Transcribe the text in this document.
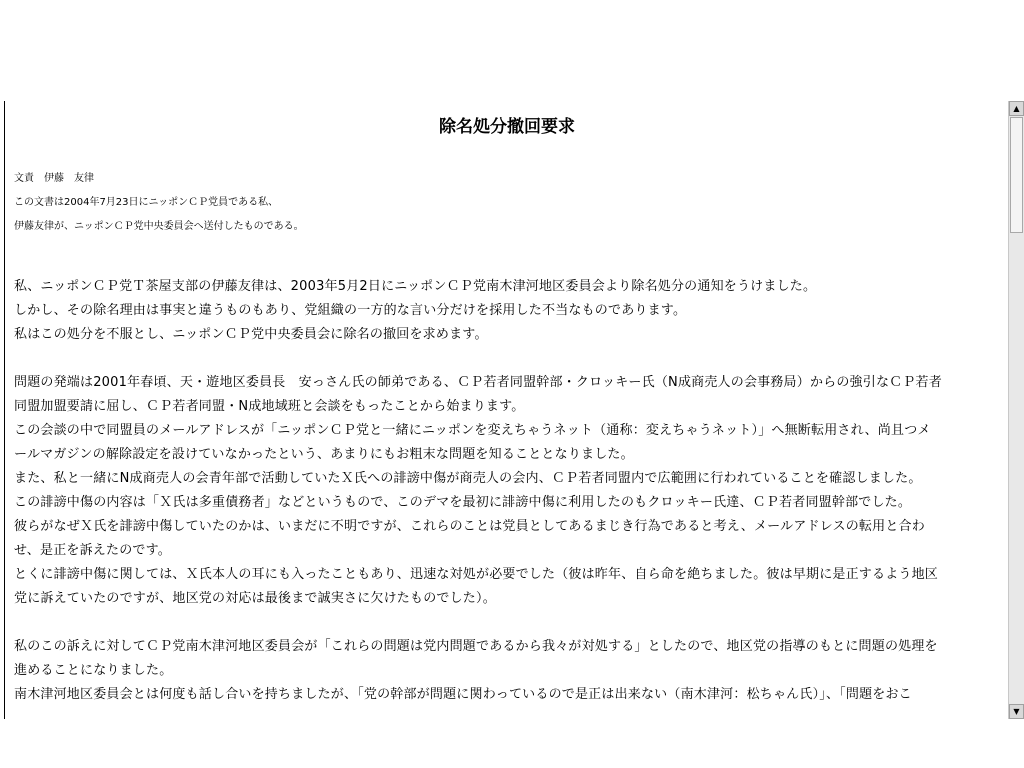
除名処分撤回要求

文責　伊藤　友律

この文書は2004年7月23日にニッポンＣＰ党員である私、

伊藤友律が、ニッポンＣＰ党中央委員会へ送付したものである。

私、ニッポンＣＰ党Ｔ茶屋支部の伊藤友律は、2003年5月2日にニッポンＣＰ党南木津河地区委員会より除名処分の通知をうけました。

しかし、その除名理由は事実と違うものもあり、党組織の一方的な言い分だけを採用した不当なものであります。

私はこの処分を不服とし、ニッポンＣＰ党中央委員会に除名の撤回を求めます。

問題の発端は2001年春頃、天・遊地区委員長　安っさん氏の師弟である、ＣＰ若者同盟幹部・クロッキー氏（N成商売人の会事務局）からの強引なＣＰ若者

同盟加盟要請に屈し、ＣＰ若者同盟・N成地域班と会談をもったことから始まります。

この会談の中で同盟員のメールアドレスが「ニッポンＣＰ党と一緒にニッポンを変えちゃうネット（通称：変えちゃうネット）」へ無断転用され、尚且つメ

ールマガジンの解除設定を設けていなかったという、あまりにもお粗末な問題を知ることとなりました。

また、私と一緒にN成商売人の会青年部で活動していたＸ氏への誹謗中傷が商売人の会内、ＣＰ若者同盟内で広範囲に行われていることを確認しました。

この誹謗中傷の内容は「Ｘ氏は多重債務者」などというもので、このデマを最初に誹謗中傷に利用したのもクロッキー氏達、ＣＰ若者同盟幹部でした。

彼らがなぜＸ氏を誹謗中傷していたのかは、いまだに不明ですが、これらのことは党員としてあるまじき行為であると考え、メールアドレスの転用と合わ

せ、是正を訴えたのです。

とくに誹謗中傷に関しては、Ｘ氏本人の耳にも入ったこともあり、迅速な対処が必要でした（彼は昨年、自ら命を絶ちました。彼は早期に是正するよう地区

党に訴えていたのですが、地区党の対応は最後まで誠実さに欠けたものでした）。

私のこの訴えに対してＣＰ党南木津河地区委員会が「これらの問題は党内問題であるから我々が対処する」としたので、地区党の指導のもとに問題の処理を

進めることになりました。

南木津河地区委員会とは何度も話し合いを持ちましたが、「党の幹部が問題に関わっているので是正は出来ない（南木津河：松ちゃん氏）」、「問題をおこ

▲
▼
